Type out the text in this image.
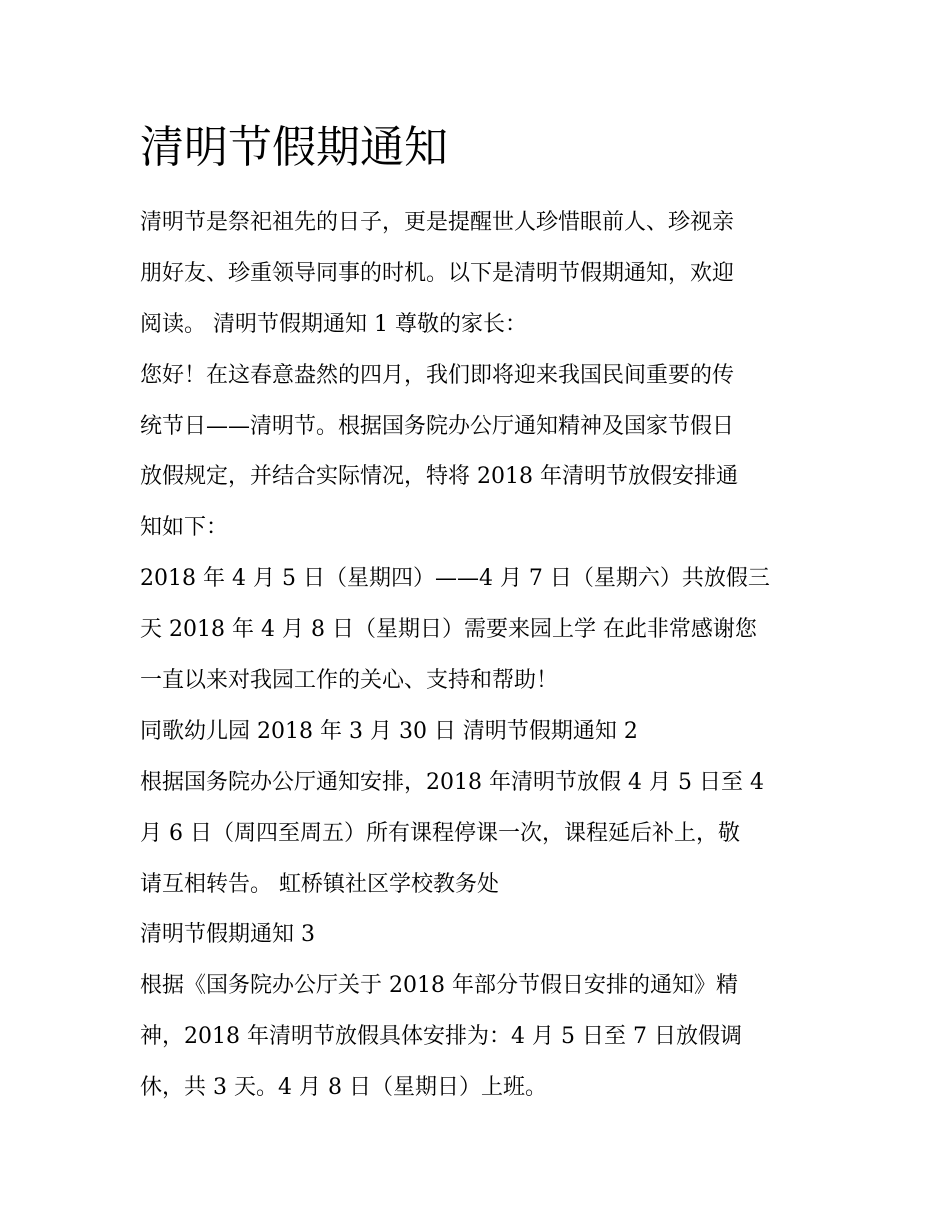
清明节假期通知
清明节是祭祀祖先的日子，更是提醒世人珍惜眼前人、珍视亲
朋好友、珍重领导同事的时机。以下是清明节假期通知，欢迎
阅读。 清明节假期通知 1 尊敬的家长：
您好！在这春意盎然的四月，我们即将迎来我国民间重要的传
统节日——清明节。根据国务院办公厅通知精神及国家节假日
放假规定，并结合实际情况，特将 2018 年清明节放假安排通
知如下：
2018 年 4 月 5 日（星期四）——4 月 7 日（星期六）共放假三
天 2018 年 4 月 8 日（星期日）需要来园上学 在此非常感谢您
一直以来对我园工作的关心、支持和帮助！
同歌幼儿园 2018 年 3 月 30 日 清明节假期通知 2
根据国务院办公厅通知安排，2018 年清明节放假 4 月 5 日至 4
月 6 日（周四至周五）所有课程停课一次，课程延后补上，敬
请互相转告。 虹桥镇社区学校教务处
清明节假期通知 3
根据《国务院办公厅关于 2018 年部分节假日安排的通知》精
神，2018 年清明节放假具体安排为：4 月 5 日至 7 日放假调
休，共 3 天。4 月 8 日（星期日）上班。
